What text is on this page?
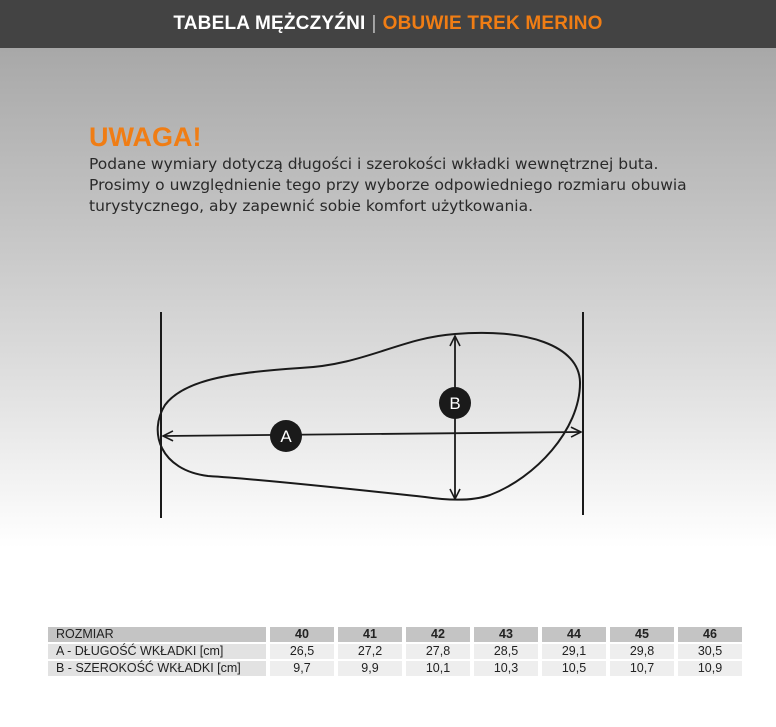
TABELA MĘŻCZYŹNI | OBUWIE TREK MERINO
UWAGA!
Podane wymiary dotyczą długości i szerokości wkładki wewnętrznej buta.
Prosimy o uwzględnienie tego przy wyborze odpowiedniego rozmiaru obuwia
turystycznego, aby zapewnić sobie komfort użytkowania.
A
B
ROZMIAR	40	41	42	43	44	45	46
A - DŁUGOŚĆ WKŁADKI [cm]	26,5	27,2	27,8	28,5	29,1	29,8	30,5
B - SZEROKOŚĆ WKŁADKI [cm]	9,7	9,9	10,1	10,3	10,5	10,7	10,9
